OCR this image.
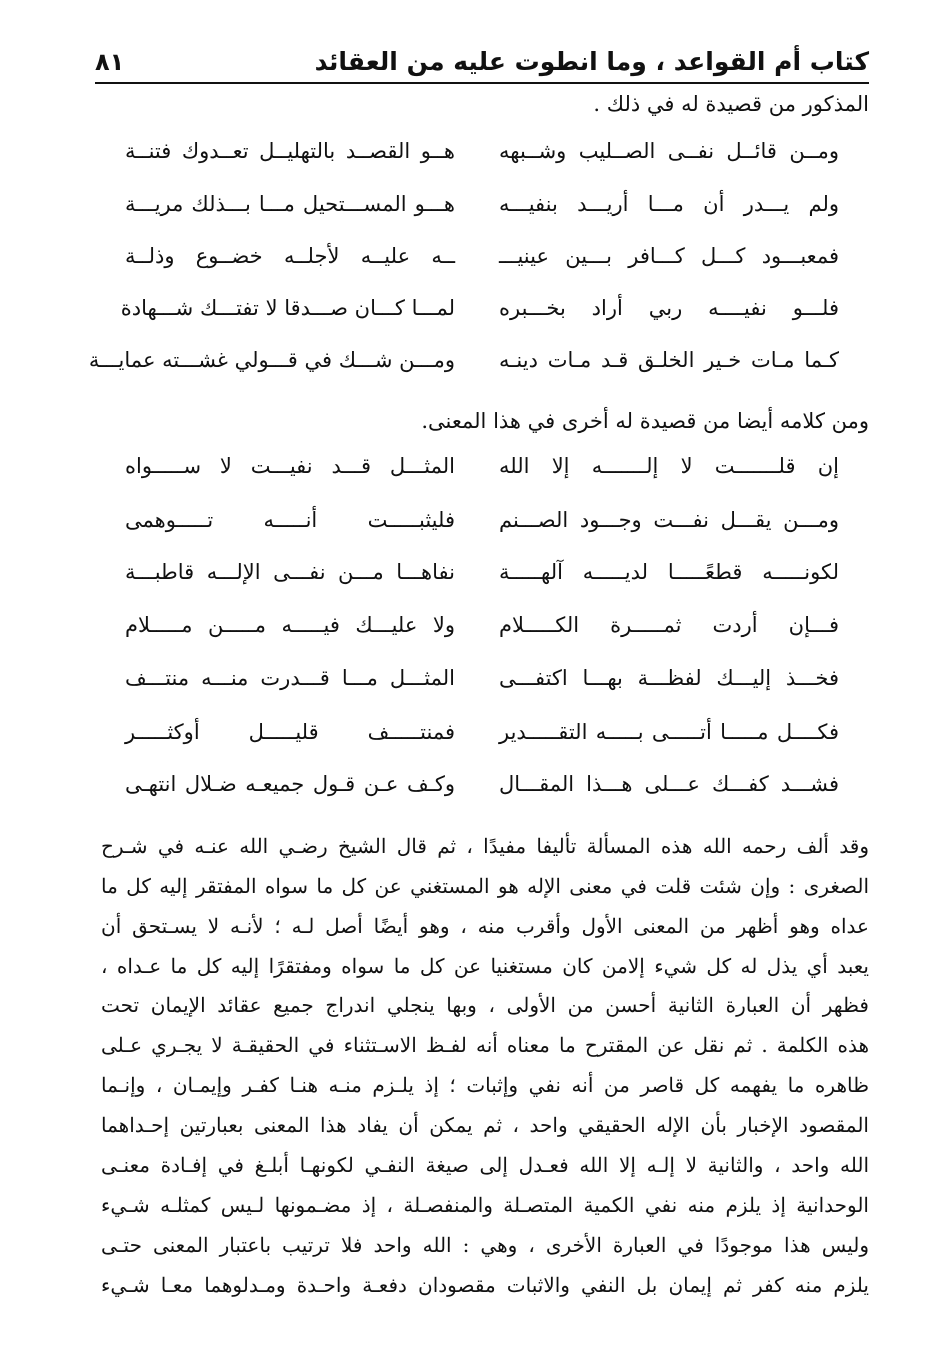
كتاب أم القواعد ، وما انطوت عليه من العقائد
٨١
المذكور من قصيدة له في ذلك .
ومــن قائــل نفــى الصــليب وشــبهه
هــو القصــد بالتهليــل تعــدوك فتنــة
ولم يـــدر أن مـــا أريـــد بنفيـــه
هـــو المســـتحيل مـــا بـــذلك مريـــة
فمعبـــود كـــل كـــافر بـــين عينيـــ
ــه عليــه لأجلــه خضــوع وذلــة
فلـــو نفيــــه ربي أراد بخـــبره
لمـــا كـــان صـــدقا لا تفتـــك شـــهادة
كـما مـات خـير الخلـق قـد مـات دينـه
ومـــن شـــك في قـــولي غشـــته عمايـــة
ومن كلامه أيضا من قصيدة له أخرى في هذا المعنى.
إن قلـــــــت لا إلـــــــه إلا الله
المثـــل قـــد نفيـــت لا ســـــواه
ومـــن يقـــل نفـــت وجـــود الصـــنم
فليثبـــــت أنـــــه تـــــوهمى
لكونـــــه قطعًـــــا لديـــــه آلهـــــة
نفاهـــا مـــن نفـــى الإلـــه قاطبـــة
فـــإن أردت ثمـــــرة الكـــــلام
ولا عليـــك فيـــــه مـــــن مـــــلام
فخـــذ إليـــك لفظـــة بهـــا اكتفـــى
المثـــل مـــا قـــدرت منـــه منتـــف
فكــــل مـــــا أتـــــى بـــــه التقـــــدير
فمنتـــــف قليـــــل أوكثـــــر
فشـــد كفـــك عـــلى هـــذا المقـــال
وكـف عـن قـول جميعـه ضـلال انتهـى
وقد ألف رحمه الله هذه المسألة تأليفا مفيدًا ، ثم قال الشيخ رضـي الله عنـه في شـرح
الصغرى : وإن شئت قلت في معنى الإله هو المستغني عن كل ما سواه المفتقر إليه كل ما
عداه وهو أظهر من المعنى الأول وأقرب منه ، وهو أيضًا أصل لـه ؛ لأنـه لا يسـتحق أن
يعبد أي يذل له كل شيء إلامن كان مستغنيا عن كل ما سواه ومفتقرًا إليه كل ما عـداه ،
فظهر أن العبارة الثانية أحسن من الأولى ، وبها ينجلي اندراج جميع عقائد الإيمان تحت
هذه الكلمة . ثم نقل عن المقترح ما معناه أنه لفـظ الاسـتثناء في الحقيقـة لا يجـري عـلى
ظاهره ما يفهمه كل قاصر من أنه نفي وإثبات ؛ إذ يلـزم منـه هنـا كفـر وإيمـان ، وإنـما
المقصود الإخبار بأن الإله الحقيقي واحد ، ثم يمكن أن يفاد هذا المعنى بعبارتين إحـداهما
الله واحد ، والثانية لا إلـه إلا الله فعـدل إلى صيغة النفـي لكونهـا أبلـغ في إفـادة معنـى
الوحدانية إذ يلزم منه نفي الكمية المتصـلة والمنفصـلة ، إذ مضـمونها لـيس كمثلـه شـيء
وليس هذا موجودًا في العبارة الأخرى ، وهي : الله واحد فلا ترتيب باعتبار المعنى حتـى
يلزم منه كفر ثم إيمان بل النفي والاثبات مقصودان دفعـة واحـدة ومـدلوهما معـا شـيء
